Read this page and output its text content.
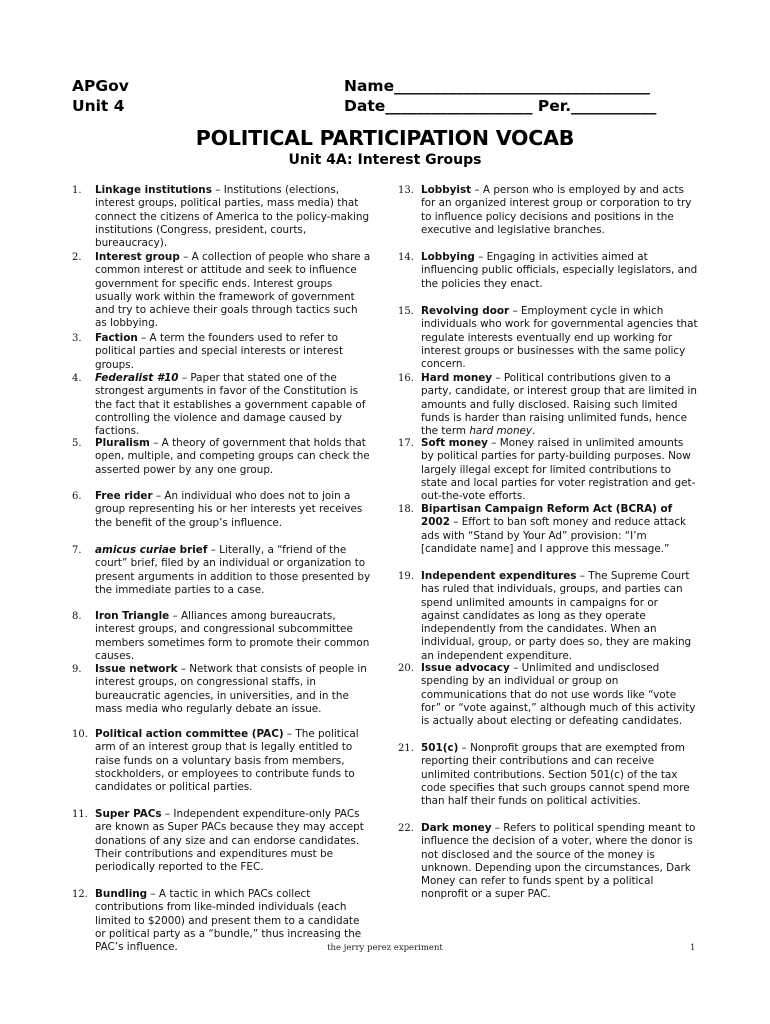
APGov
Unit 4
Name_________________________________
Date___________________ Per.___________
POLITICAL PARTICIPATION VOCAB
Unit 4A: Interest Groups
1.	Linkage institutions – Institutions (elections, interest groups, political parties, mass media) that connect the citizens of America to the policy-making institutions (Congress, president, courts, bureaucracy).
2.	Interest group – A collection of people who share a common interest or attitude and seek to influence government for specific ends. Interest groups usually work within the framework of government and try to achieve their goals through tactics such as lobbying.
3.	Faction – A term the founders used to refer to political parties and special interests or interest groups.
4.	Federalist #10 – Paper that stated one of the strongest arguments in favor of the Constitution is the fact that it establishes a government capable of controlling the violence and damage caused by factions.
5.	Pluralism – A theory of government that holds that open, multiple, and competing groups can check the asserted power by any one group.
6.	Free rider – An individual who does not to join a group representing his or her interests yet receives the benefit of the group’s influence.
7.	amicus curiae brief – Literally, a “friend of the court” brief, filed by an individual or organization to present arguments in addition to those presented by the immediate parties to a case.
8.	Iron Triangle – Alliances among bureaucrats, interest groups, and congressional subcommittee members sometimes form to promote their common causes.
9.	Issue network – Network that consists of people in interest groups, on congressional staffs, in bureaucratic agencies, in universities, and in the mass media who regularly debate an issue.
10. Political action committee (PAC) – The political arm of an interest group that is legally entitled to raise funds on a voluntary basis from members, stockholders, or employees to contribute funds to candidates or political parties.
11. Super PACs – Independent expenditure-only PACs are known as Super PACs because they may accept donations of any size and can endorse candidates. Their contributions and expenditures must be periodically reported to the FEC.
12. Bundling – A tactic in which PACs collect contributions from like-minded individuals (each limited to $2000) and present them to a candidate or political party as a “bundle,” thus increasing the PAC’s influence.
13. Lobbyist – A person who is employed by and acts for an organized interest group or corporation to try to influence policy decisions and positions in the executive and legislative branches.
14. Lobbying – Engaging in activities aimed at influencing public officials, especially legislators, and the policies they enact.
15. Revolving door – Employment cycle in which individuals who work for governmental agencies that regulate interests eventually end up working for interest groups or businesses with the same policy concern.
16. Hard money – Political contributions given to a party, candidate, or interest group that are limited in amounts and fully disclosed. Raising such limited funds is harder than raising unlimited funds, hence the term hard money.
17. Soft money – Money raised in unlimited amounts by political parties for party-building purposes. Now largely illegal except for limited contributions to state and local parties for voter registration and get-out-the-vote efforts.
18. Bipartisan Campaign Reform Act (BCRA) of 2002 – Effort to ban soft money and reduce attack ads with “Stand by Your Ad” provision: “I’m [candidate name] and I approve this message.”
19. Independent expenditures – The Supreme Court has ruled that individuals, groups, and parties can spend unlimited amounts in campaigns for or against candidates as long as they operate independently from the candidates. When an individual, group, or party does so, they are making an independent expenditure.
20. Issue advocacy – Unlimited and undisclosed spending by an individual or group on communications that do not use words like “vote for” or “vote against,” although much of this activity is actually about electing or defeating candidates.
21. 501(c) – Nonprofit groups that are exempted from reporting their contributions and can receive unlimited contributions. Section 501(c) of the tax code specifies that such groups cannot spend more than half their funds on political activities.
22. Dark money – Refers to political spending meant to influence the decision of a voter, where the donor is not disclosed and the source of the money is unknown. Depending upon the circumstances, Dark Money can refer to funds spent by a political nonprofit or a super PAC.
the jerry perez experiment	1
